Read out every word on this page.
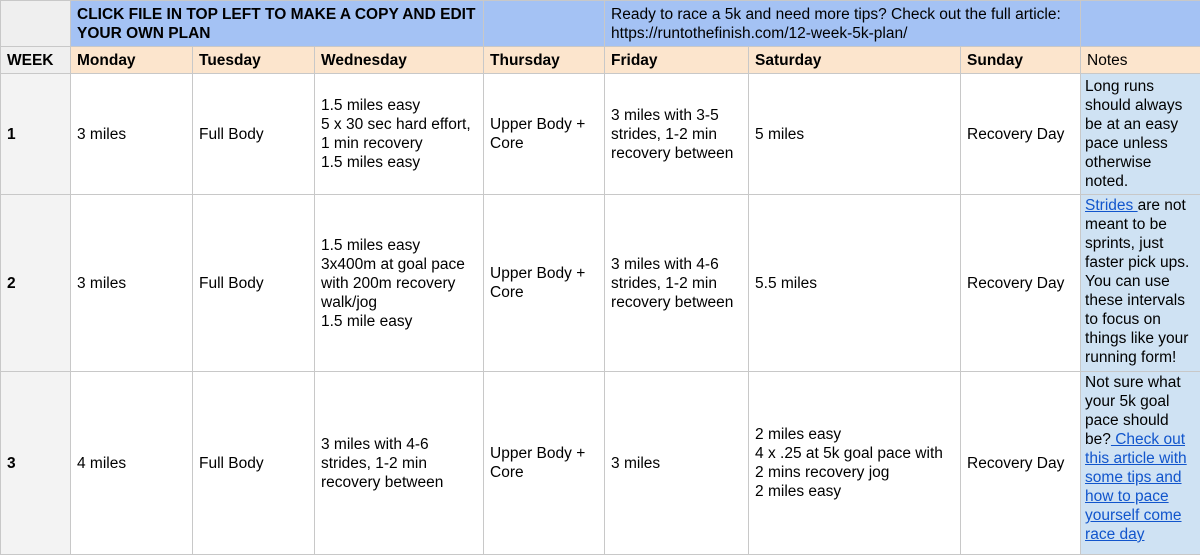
	CLICK FILE IN TOP LEFT TO MAKE A COPY AND EDIT YOUR OWN PLAN				Ready to race a 5k and need more tips? Check out the full article:
https://runtothefinish.com/12-week-5k-plan/			
WEEK	Monday	Tuesday	Wednesday	Thursday	Friday	Saturday	Sunday	Notes
1	3 miles	Full Body	1.5 miles easy
5 x 30 sec hard effort, 1 min recovery
1.5 miles easy	Upper Body + Core	3 miles with 3-5 strides, 1-2 min recovery between	5 miles	Recovery Day	Long runs should always be at an easy pace unless otherwise noted.

2	3 miles	Full Body	1.5 miles easy
3x400m at goal pace with 200m recovery walk/jog
1.5 mile easy	Upper Body + Core	3 miles with 4-6 strides, 1-2 min recovery between	5.5 miles	Recovery Day	Strides are not meant to be sprints, just faster pick ups. You can use these intervals to focus on things like your running form!
3	4 miles	Full Body	3 miles with 4-6 strides, 1-2 min recovery between	Upper Body + Core	3 miles	2 miles easy
4 x .25 at 5k goal pace with 2 mins recovery jog
2 miles easy	Recovery Day	Not sure what your 5k goal pace should be? Check out this article with some tips and how to pace yourself come race day
